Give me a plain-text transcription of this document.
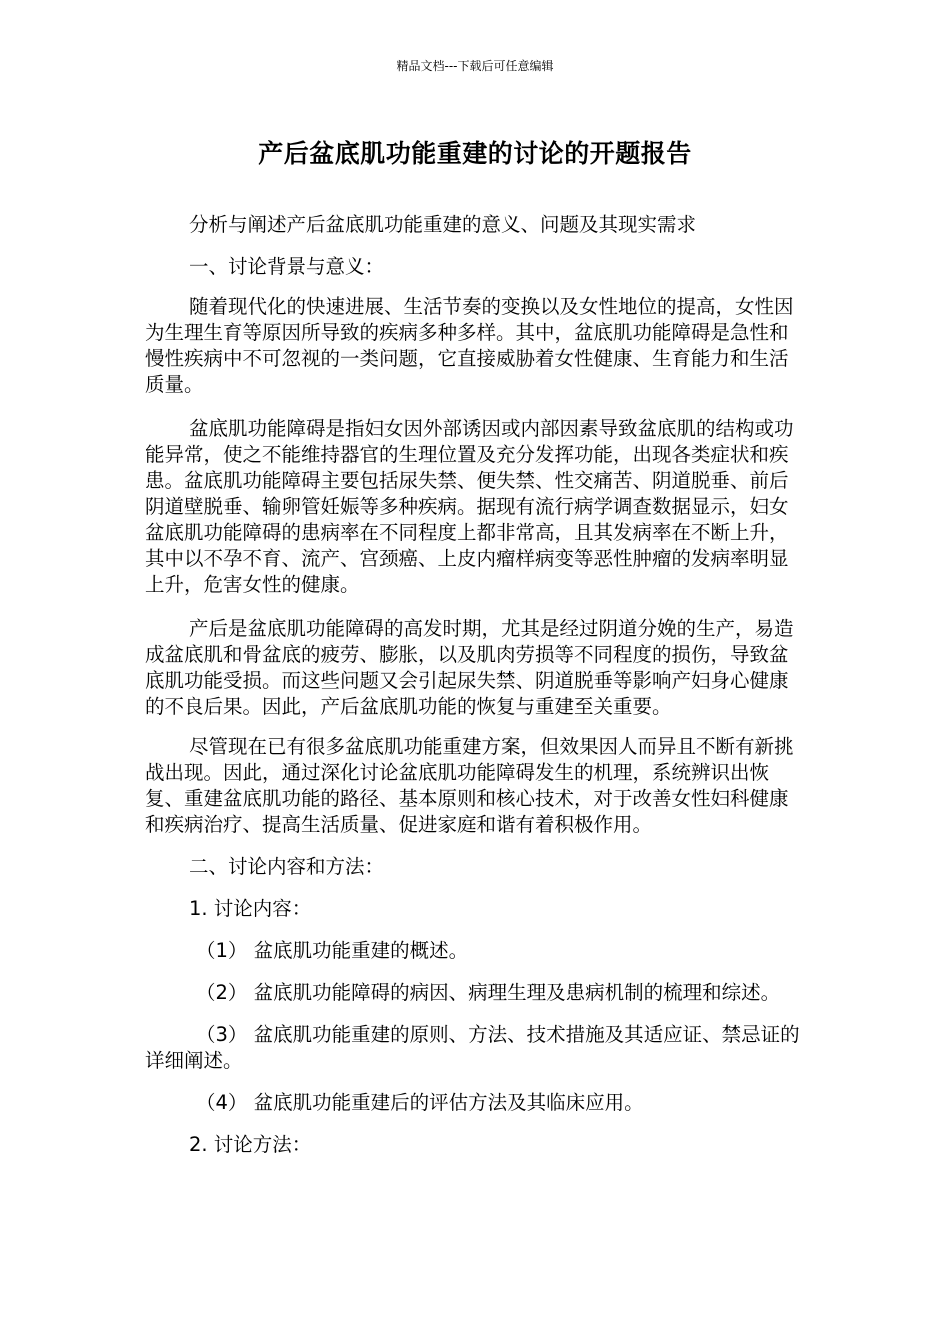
精品文档---下载后可任意编辑
产后盆底肌功能重建的讨论的开题报告

分析与阐述产后盆底肌功能重建的意义、问题及其现实需求

一、讨论背景与意义：

随着现代化的快速进展、生活节奏的变换以及女性地位的提高，女性因为生理生育等原因所导致的疾病多种多样。其中，盆底肌功能障碍是急性和慢性疾病中不可忽视的一类问题，它直接威胁着女性健康、生育能力和生活质量。

盆底肌功能障碍是指妇女因外部诱因或内部因素导致盆底肌的结构或功能异常，使之不能维持器官的生理位置及充分发挥功能，出现各类症状和疾患。盆底肌功能障碍主要包括尿失禁、便失禁、性交痛苦、阴道脱垂、前后阴道壁脱垂、输卵管妊娠等多种疾病。据现有流行病学调查数据显示，妇女盆底肌功能障碍的患病率在不同程度上都非常高，且其发病率在不断上升，其中以不孕不育、流产、宫颈癌、上皮内瘤样病变等恶性肿瘤的发病率明显上升，危害女性的健康。

产后是盆底肌功能障碍的高发时期，尤其是经过阴道分娩的生产，易造成盆底肌和骨盆底的疲劳、膨胀，以及肌肉劳损等不同程度的损伤，导致盆底肌功能受损。而这些问题又会引起尿失禁、阴道脱垂等影响产妇身心健康的不良后果。因此，产后盆底肌功能的恢复与重建至关重要。

尽管现在已有很多盆底肌功能重建方案，但效果因人而异且不断有新挑战出现。因此，通过深化讨论盆底肌功能障碍发生的机理，系统辨识出恢复、重建盆底肌功能的路径、基本原则和核心技术，对于改善女性妇科健康和疾病治疗、提高生活质量、促进家庭和谐有着积极作用。

二、讨论内容和方法：

1. 讨论内容：

（1） 盆底肌功能重建的概述。

（2） 盆底肌功能障碍的病因、病理生理及患病机制的梳理和综述。

（3） 盆底肌功能重建的原则、方法、技术措施及其适应证、禁忌证的详细阐述。

（4） 盆底肌功能重建后的评估方法及其临床应用。

2. 讨论方法：
